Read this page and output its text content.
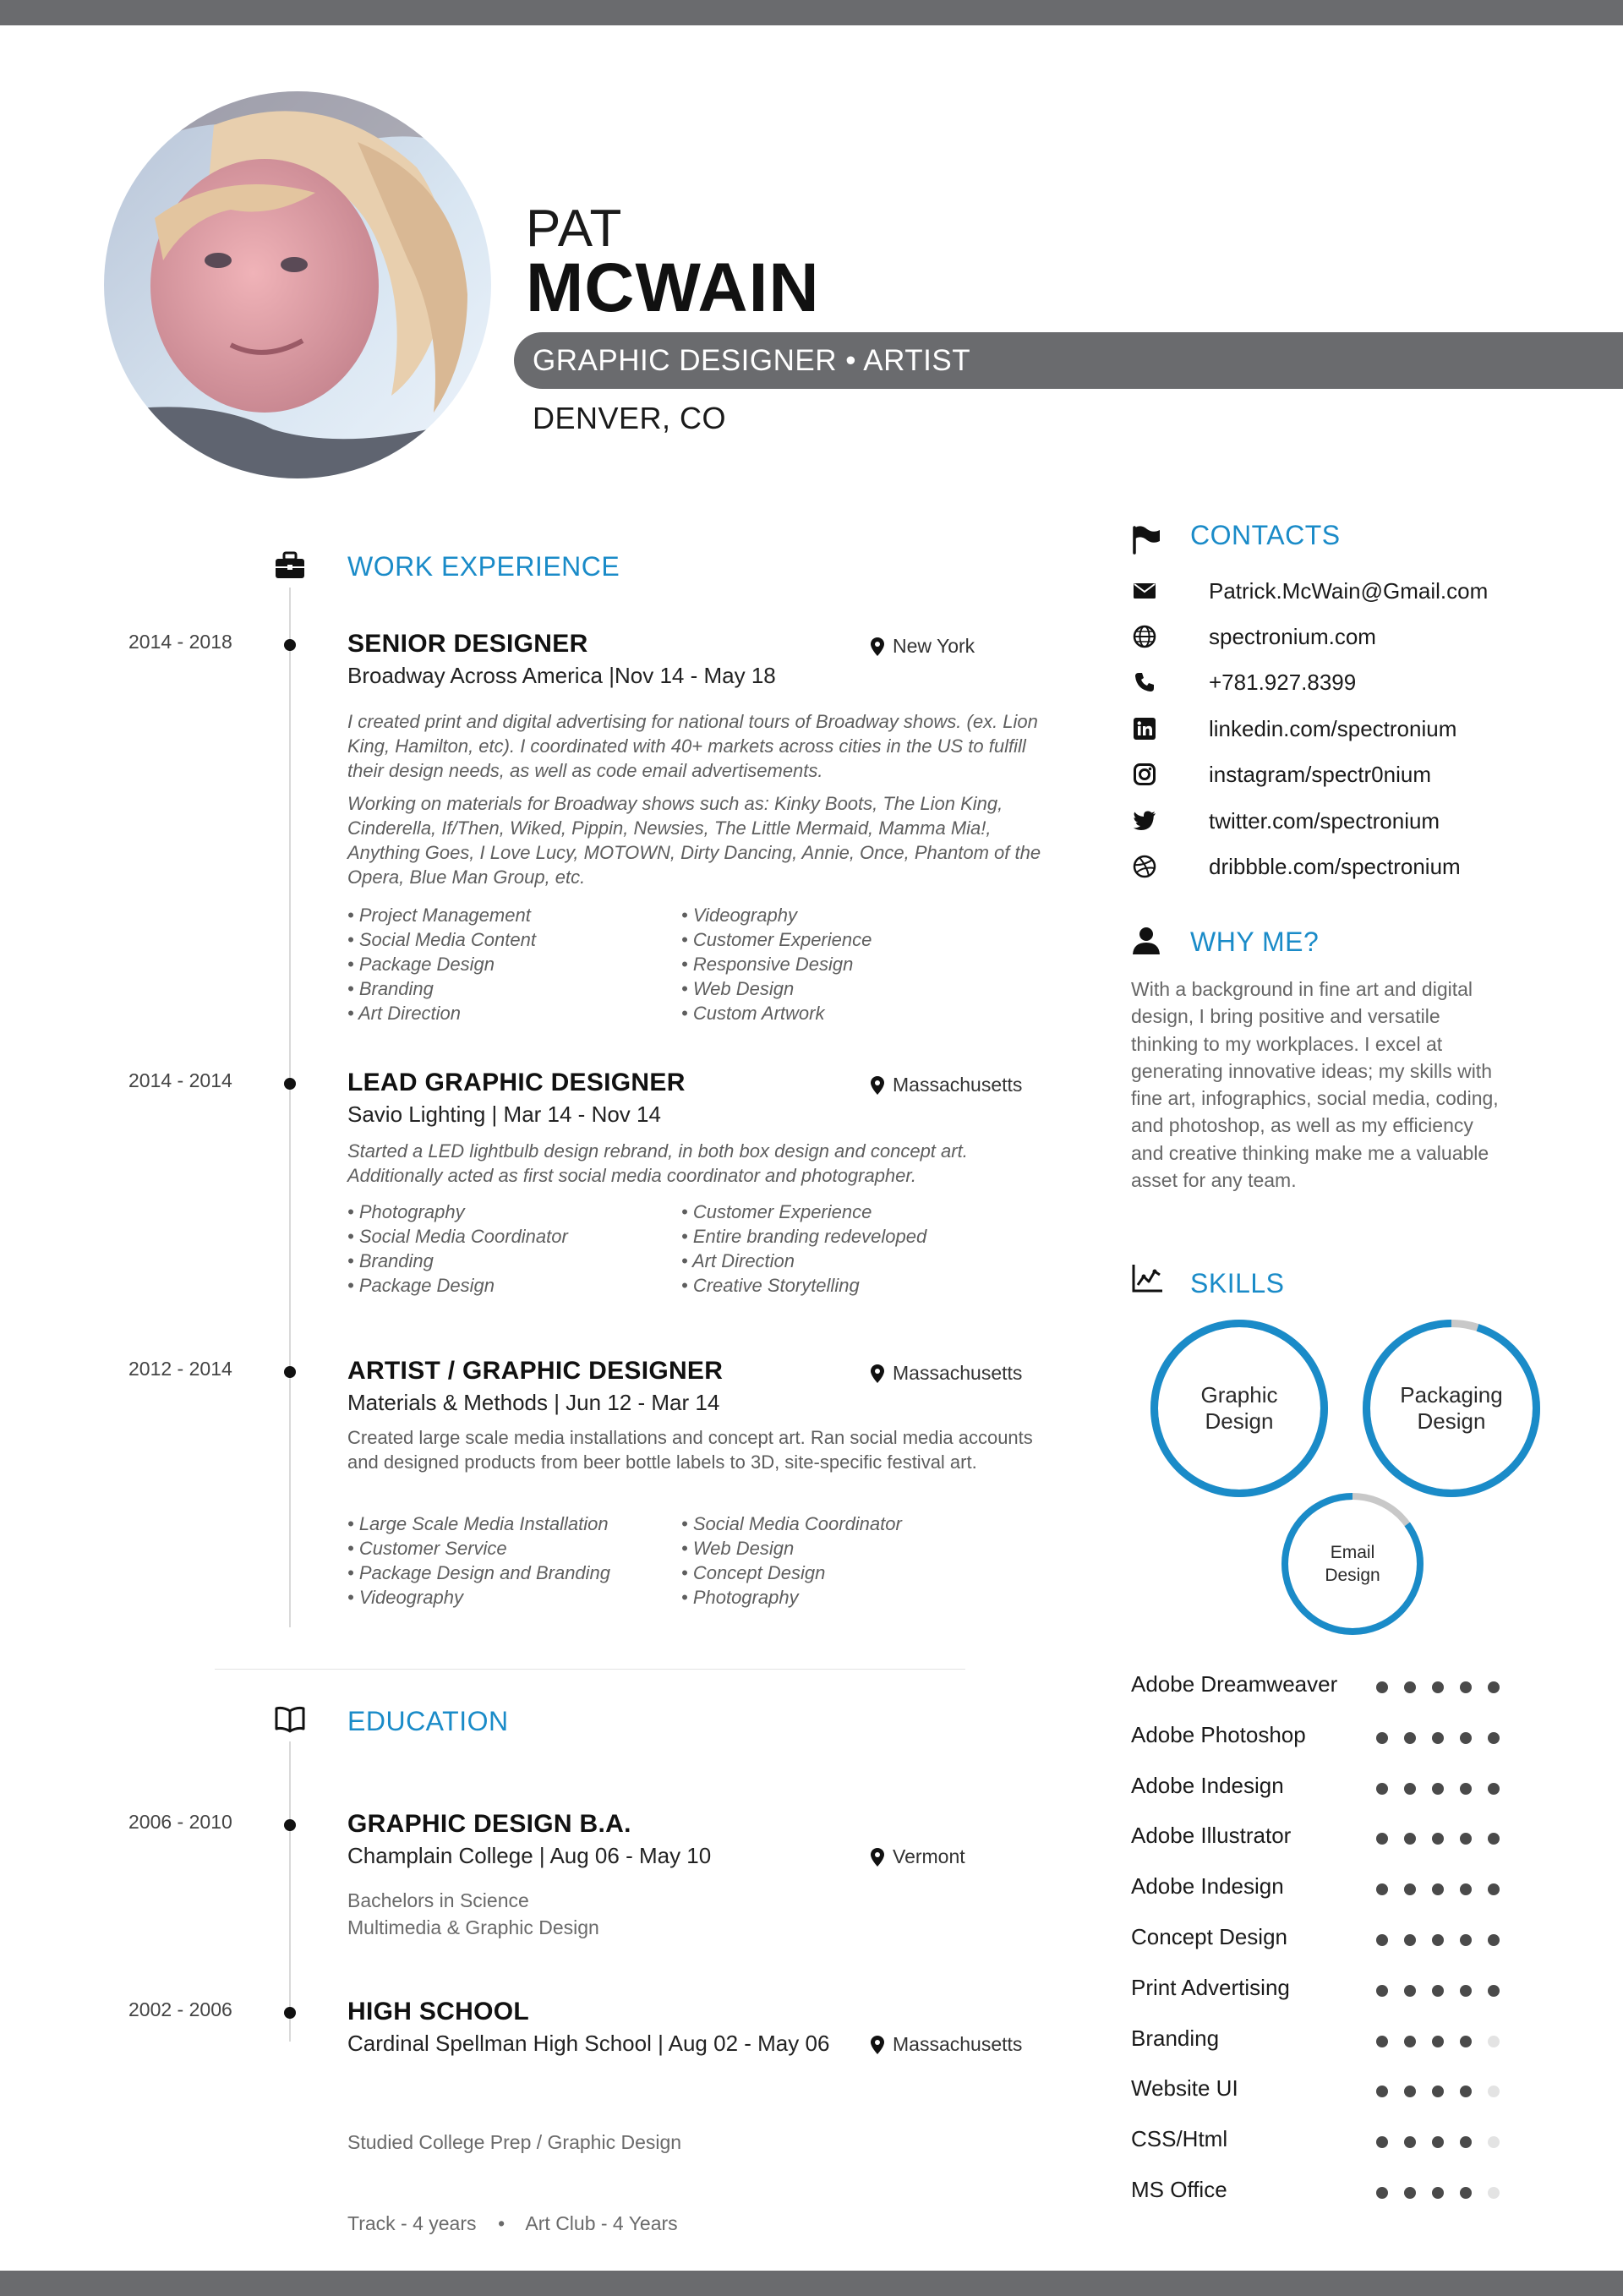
PAT
MCWAIN
GRAPHIC DESIGNER • ARTIST
DENVER, CO
WORK EXPERIENCE
2014 - 2018	SENIOR DESIGNER	New York
Broadway Across America |Nov 14 - May 18
I created print and digital advertising for national tours of Broadway shows. (ex. Lion King, Hamilton, etc). I coordinated with 40+ markets across cities in the US to fulfill their design needs, as well as code email advertisements.
Working on materials for Broadway shows such as: Kinky Boots, The Lion King, Cinderella, If/Then, Wiked, Pippin, Newsies, The Little Mermaid, Mamma Mia!, Anything Goes, I Love Lucy, MOTOWN, Dirty Dancing, Annie, Once, Phantom of the Opera, Blue Man Group, etc.
• Project Management
• Social Media Content
• Package Design
• Branding
• Art Direction
• Videography
• Customer Experience
• Responsive Design
• Web Design
• Custom Artwork
2014 - 2014	LEAD GRAPHIC DESIGNER	Massachusetts
Savio Lighting | Mar 14 - Nov 14
Started a LED lightbulb design rebrand, in both box design and concept art. Additionally acted as first social media coordinator and photographer.
• Photography
• Social Media Coordinator
• Branding
• Package Design
• Customer Experience
• Entire branding redeveloped
• Art Direction
• Creative Storytelling
2012 - 2014	ARTIST / GRAPHIC DESIGNER	Massachusetts
Materials & Methods | Jun 12 - Mar 14
Created large scale media installations and concept art. Ran social media accounts and designed products from beer bottle labels to 3D, site-specific festival art.
• Large Scale Media Installation
• Customer Service
• Package Design and Branding
• Videography
• Social Media Coordinator
• Web Design
• Concept Design
• Photography
EDUCATION
2006 - 2010	GRAPHIC DESIGN B.A.
Champlain College | Aug 06 - May 10	Vermont
Bachelors in Science
Multimedia & Graphic Design
2002 - 2006	HIGH SCHOOL
Cardinal Spellman High School | Aug 02 - May 06	Massachusetts

Studied College Prep / Graphic Design

Track - 4 years    •    Art Club - 4 Years

CONTACTS
Patrick.McWain@Gmail.com
spectronium.com
+781.927.8399
linkedin.com/spectronium
instagram/spectr0nium
twitter.com/spectronium
dribbble.com/spectronium
WHY ME?
With a background in fine art and digital design, I bring positive and versatile thinking to my workplaces. I excel at generating innovative ideas; my skills with fine art, infographics, social media, coding, and photoshop, as well as my efficiency and creative thinking make me a valuable asset for any team.
SKILLS
Graphic
Design
Packaging
Design
Email
Design
Adobe Dreamweaver
Adobe Photoshop
Adobe Indesign
Adobe Illustrator
Adobe Indesign
Concept Design
Print Advertising
Branding
Website UI
CSS/Html
MS Office
